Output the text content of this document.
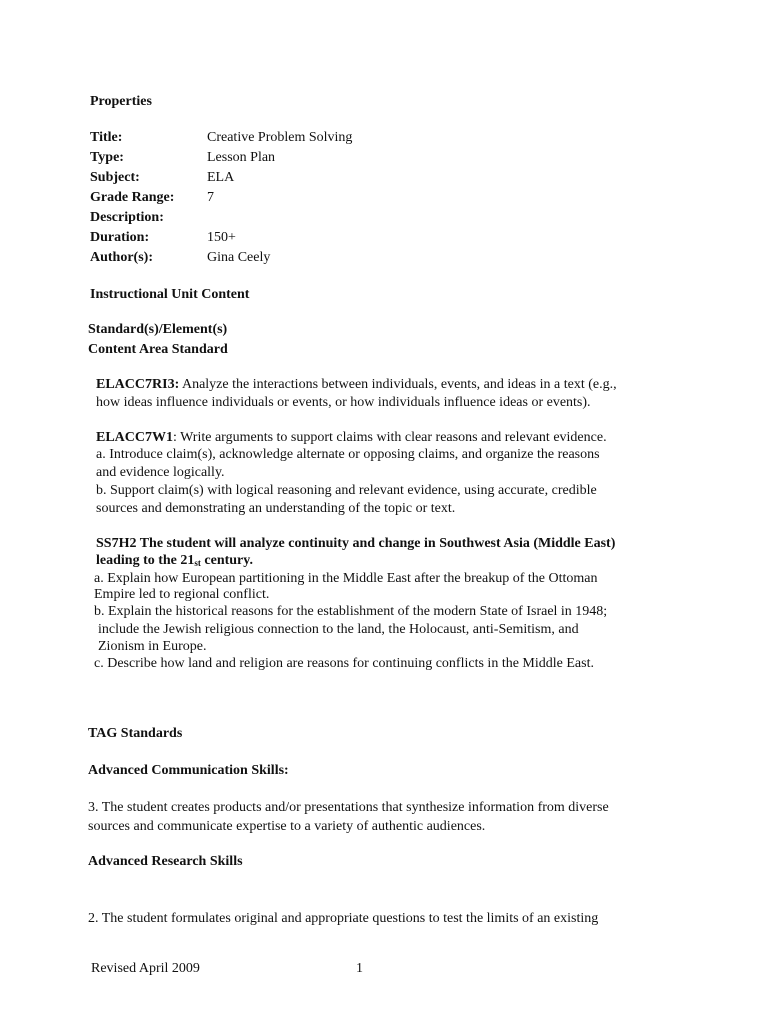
Properties
Title:	Creative Problem Solving
Type:	Lesson Plan
Subject:	ELA
Grade Range: 7
Description:
Duration:	150+
Author(s):	Gina Ceely
Instructional Unit Content
Standard(s)/Element(s)
Content Area Standard
ELACC7RI3: Analyze the interactions between individuals, events, and ideas in a text (e.g.,
how ideas influence individuals or events, or how individuals influence ideas or events).
ELACC7W1: Write arguments to support claims with clear reasons and relevant evidence.
a. Introduce claim(s), acknowledge alternate or opposing claims, and organize the reasons
and evidence logically.
b. Support claim(s) with logical reasoning and relevant evidence, using accurate, credible
sources and demonstrating an understanding of the topic or text.
SS7H2 The student will analyze continuity and change in Southwest Asia (Middle East)
leading to the $21_{st}$ century.
a. Explain how European partitioning in the Middle East after the breakup of the Ottoman
Empire led to regional conflict.
b. Explain the historical reasons for the establishment of the modern State of Israel in 1948;
include the Jewish religious connection to the land, the Holocaust, anti-Semitism, and
Zionism in Europe.
c. Describe how land and religion are reasons for continuing conflicts in the Middle East.
TAG Standards
Advanced Communication Skills:
3. The student creates products and/or presentations that synthesize information from diverse
sources and communicate expertise to a variety of authentic audiences.
Advanced Research Skills
2. The student formulates original and appropriate questions to test the limits of an existing
Revised April 2009	1
